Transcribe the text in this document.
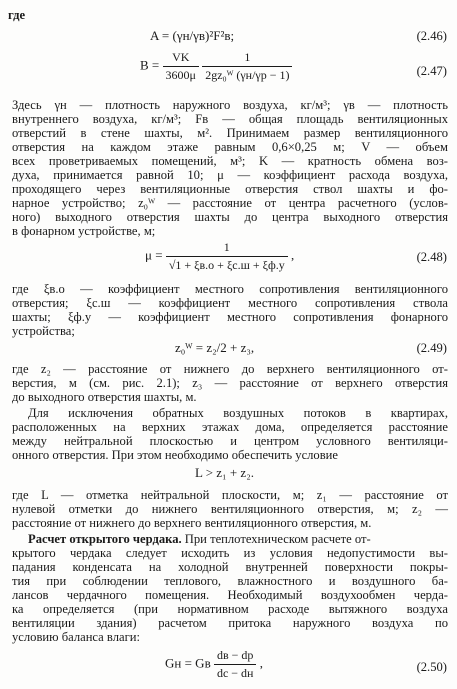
где
A = (γн/γв)²F²в;	(2.46)
$B = \frac{VK}{3600\mu}$
$\frac{1}{\text{2gz₀ᵂ (γн/γр − 1)}}$	(2.47)
Здесь γн — плотность наружного воздуха, кг/м³; γв — плотность
внутреннего воздуха, кг/м³; Fв — общая площадь вентиляционных
отверстий в стене шахты, м². Принимаем размер вентиляционного
отверстия на каждом этаже равным 0,6×0,25 м; V — объем
всех проветриваемых помещений, м³; K — кратность обмена воз-
духа, принимается равной 10; μ — коэффициент расхода воздуха,
проходящего через вентиляционные отверстия ствол шахты и фо-
нарное устройство; z₀ᵂ — расстояние от центра расчетного (услов-
ного) выходного отверстия шахты до центра выходного отверстия
в фонарном устройстве, м;
$\mu = \frac{1}{√1 + \xi в.о + \xi с.ш + \xi ф.у}$ ,	(2.48)
где ξв.о — коэффициент местного сопротивления вентиляционного
отверстия; ξс.ш — коэффициент местного сопротивления ствола
шахты; ξф.у — коэффициент местного сопротивления фонарного
устройства;
z₀ᵂ = z₂/2 + z₃,	(2.49)
где z₂ — расстояние от нижнего до верхнего вентиляционного от-
верстия, м (см. рис. 2.1); z₃ — расстояние от верхнего отверстия
до выходного отверстия шахты, м.
Для исключения обратных воздушных потоков в квартирах,
расположенных на верхних этажах дома, определяется расстояние
между нейтральной плоскостью и центром условного вентиляци-
онного отверстия. При этом необходимо обеспечить условие
L > z₁ + z₂.
где L — отметка нейтральной плоскости, м; z₁ — расстояние от
нулевой отметки до нижнего вентиляционного отверстия, м; z₂ —
расстояние от нижнего до верхнего вентиляционного отверстия, м.
Расчет открытого чердака. При теплотехническом расчете от-
крытого чердака следует исходить из условия недопустимости вы-
падания конденсата на холодной внутренней поверхности покры-
тия при соблюдении теплового, влажностного и воздушного ба-
лансов чердачного помещения. Необходимый воздухообмен черда-
ка определяется (при нормативном расходе вытяжного воздуха
вентиляции здания) расчетом притока наружного воздуха по
условию баланса влаги:
Gн = Gв $\frac{dв - dр}{dс - dн}$ ,	(2.50)
